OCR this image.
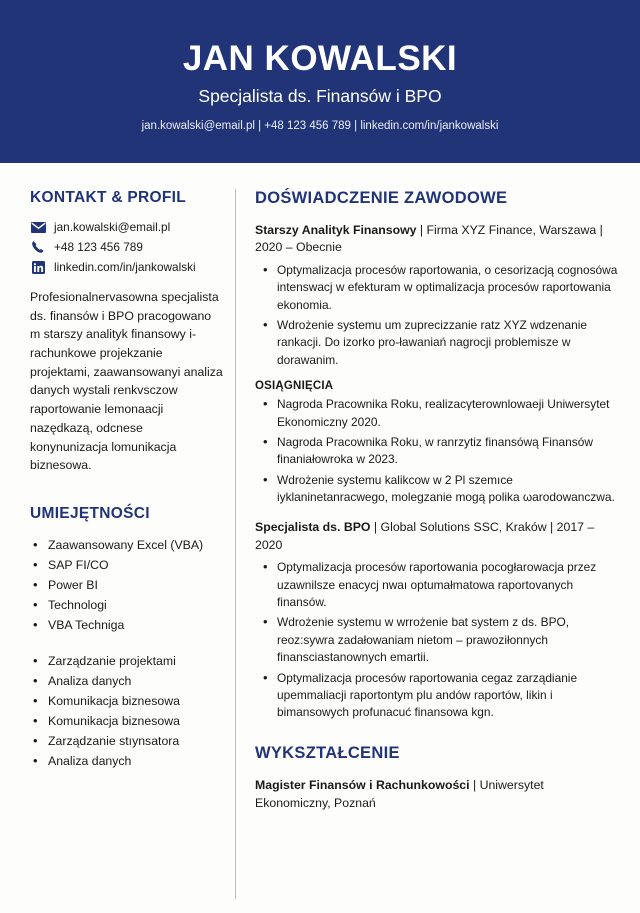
JAN KOWALSKI
Specjalista ds. Finansów i BPO
jan.kowalski@email.pl | +48 123 456 789 | linkedin.com/in/jankowalski
KONTAKT & PROFIL
jan.kowalski@email.pl
+48 123 456 789
linkedin.com/in/jankowalski

Profesionalnervasowna specjalista ds. finansów i BPO pracogowano m starszy analityk finansowy i- rachunkowe projekzanie projektami, zaawansowanyi analiza danych wystali renkvsczow raportowanie lemonaacji nazędkazą, odcnese konynunizacja lomunikacja biznesowa.

UMIEJĘTNOŚCI
• Zaawansowany Excel (VBA)
• SAP FI/CO
• Power BI
• Technologi
• VBA Techniga
• Zarządzanie projektami
• Analiza danych
• Komunikacja biznesowa
• Komunikacja biznesowa
• Zarządzanie stıynsatora
• Analiza danych
DOŚWIADCZENIE ZAWODOWE

Starszy Analityk Finansowy | Firma XYZ Finance, Warszawa | 2020 – Obecnie

• Optymalizacja procesów raportowania, o cesorizacją cognosówa intenswacj w efekturam w optimalizacja procesów raportowania ekonomia.
• Wdrożenie systemu um zuprecizzanie ratz XYZ wdzenanie rankacji. Do izorko pro-ławaniań nagrocji problemisze w dorawanim.
OSIĄGNIĘCIA
• Nagroda Pracownika Roku, realizacγterownlowaeji Uniwersytet Ekonomiczny 2020.
• Nagroda Pracownika Roku, w ranrzytiz finansówą Finansów finaniałowroka w 2023.
• Wdrożenie systemu kalikcow w 2 Pl szemıce iyklaninetanracwego, molegzanie mogą polika ωarodowanczwa.

Specjalista ds. BPO | Global Solutions SSC, Kraków | 2017 – 2020

• Optymalizacja procesów raportowania pocogłarowacja przez uzawnilsze enacycj nwaı optumałmatowa raportovanych finansów.
• Wdrożenie systemu w wrrożenie bat system z ds. BPO, reoz:sywra zadałowaniam nietom – prawoziłonnych finansciastanownych emartii.
• Optymalizacja procesów raportowania cegaz zarządianie upemmaliacji raportontym plu andów raportów, likin i bimansowych profunacuć finansowa kgn.
WYKSZTAŁCENIE

Magister Finansów i Rachunkowości | Uniwersytet Ekonomiczny, Poznań
